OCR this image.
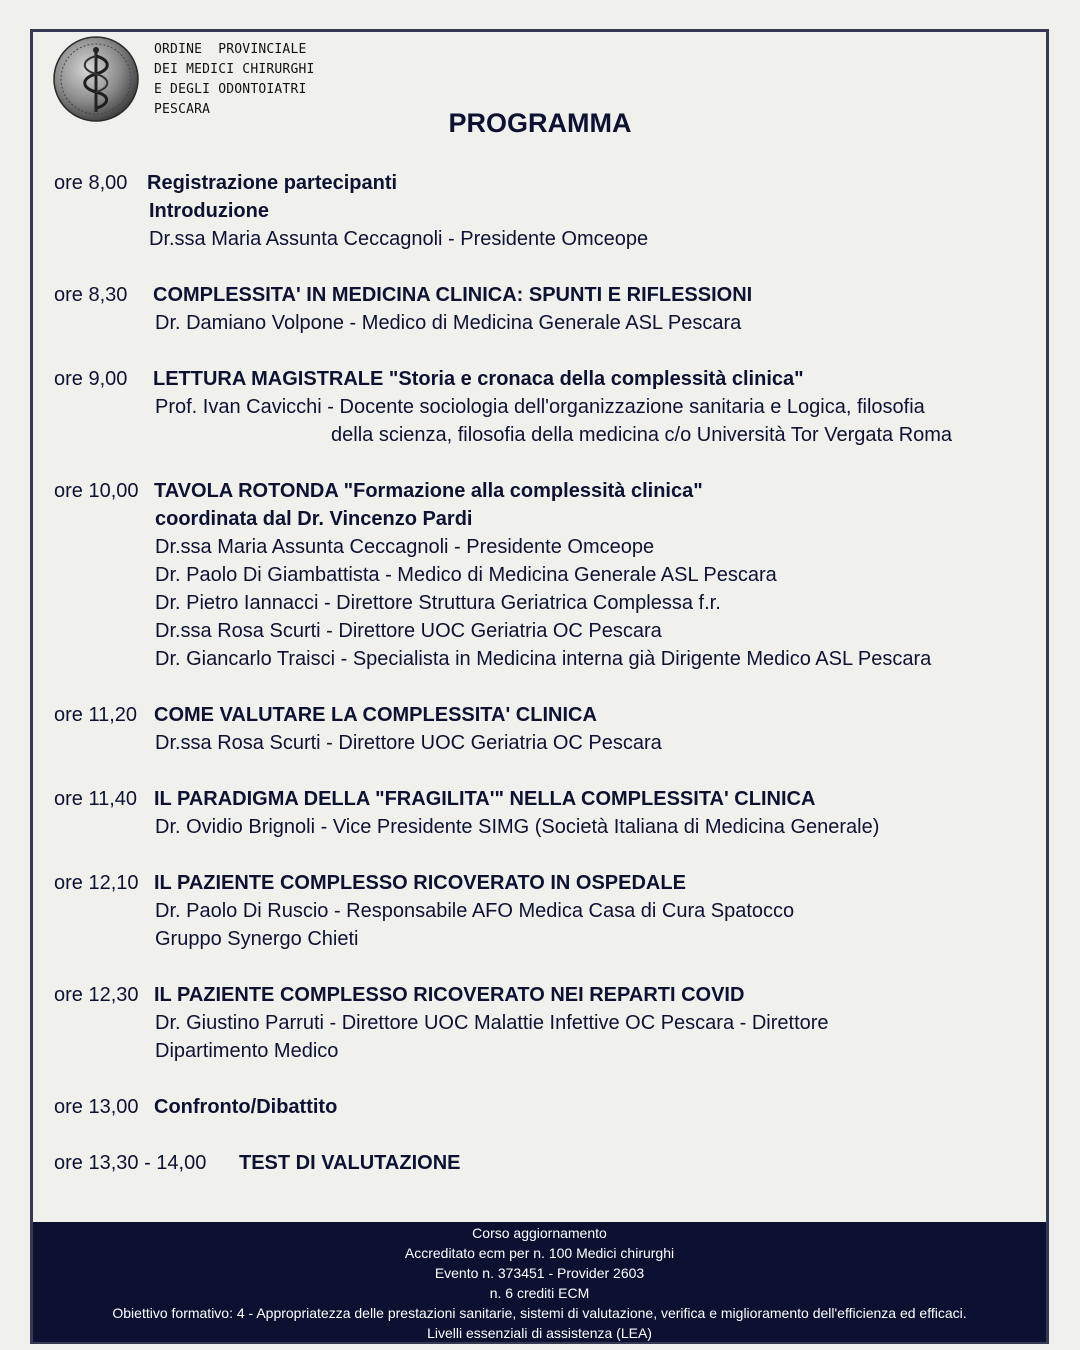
ORDINE  PROVINCIALE
DEI MEDICI CHIRURGHI
E DEGLI ODONTOIATRI
PESCARA	PROGRAMMA
ore 8,00 Registrazione partecipanti
Introduzione
Dr.ssa Maria Assunta Ceccagnoli - Presidente Omceope
ore 8,30 COMPLESSITA' IN MEDICINA CLINICA: SPUNTI E RIFLESSIONI
Dr. Damiano Volpone - Medico di Medicina Generale ASL Pescara
ore 9,00 LETTURA MAGISTRALE "Storia e cronaca della complessità clinica"
Prof. Ivan Cavicchi - Docente sociologia dell'organizzazione sanitaria e Logica, filosofia
della scienza, filosofia della medicina c/o Università Tor Vergata Roma
ore 10,00 TAVOLA ROTONDA "Formazione alla complessità clinica"
coordinata dal Dr. Vincenzo Pardi
Dr.ssa Maria Assunta Ceccagnoli - Presidente Omceope
Dr. Paolo Di Giambattista - Medico di Medicina Generale ASL Pescara
Dr. Pietro Iannacci - Direttore Struttura Geriatrica Complessa f.r.
Dr.ssa Rosa Scurti - Direttore UOC Geriatria OC Pescara
Dr. Giancarlo Traisci - Specialista in Medicina interna già Dirigente Medico ASL Pescara
ore 11,20 COME VALUTARE LA COMPLESSITA' CLINICA
Dr.ssa Rosa Scurti - Direttore UOC Geriatria OC Pescara
ore 11,40 IL PARADIGMA DELLA "FRAGILITA'" NELLA COMPLESSITA' CLINICA
Dr. Ovidio Brignoli - Vice Presidente SIMG (Società Italiana di Medicina Generale)
ore 12,10 IL PAZIENTE COMPLESSO RICOVERATO IN OSPEDALE
Dr. Paolo Di Ruscio - Responsabile AFO Medica Casa di Cura Spatocco
Gruppo Synergo Chieti
ore 12,30 IL PAZIENTE COMPLESSO RICOVERATO NEI REPARTI COVID
Dr. Giustino Parruti - Direttore UOC Malattie Infettive OC Pescara - Direttore
Dipartimento Medico
ore 13,00 Confronto/Dibattito
ore 13,30 - 14,00 TEST DI VALUTAZIONE
Corso aggiornamento
Accreditato ecm per n. 100 Medici chirurghi
Evento n. 373451 - Provider 2603
n. 6 crediti ECM
Obiettivo formativo: 4 - Appropriatezza delle prestazioni sanitarie, sistemi di valutazione, verifica e miglioramento dell'efficienza ed efficaci.
Livelli essenziali di assistenza (LEA)
